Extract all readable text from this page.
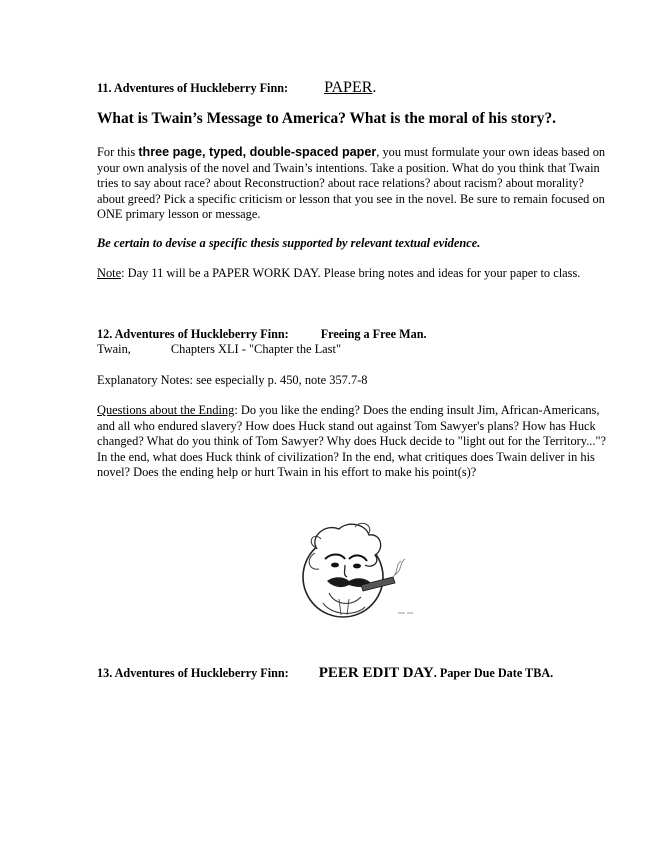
11. Adventures of Huckleberry Finn: PAPER.
What is Twain’s Message to America? What is the moral of his story?.

For this three page, typed, double-spaced paper, you must formulate your own ideas based on your own analysis of the novel and Twain’s intentions. Take a position. What do you think that Twain tries to say about race? about Reconstruction? about race relations? about racism? about morality? about greed? Pick a specific criticism or lesson that you see in the novel. Be sure to remain focused on ONE primary lesson or message.

Be certain to devise a specific thesis supported by relevant textual evidence.

Note: Day 11 will be a PAPER WORK DAY. Please bring notes and ideas for your paper to class.

12. Adventures of Huckleberry Finn:	Freeing a Free Man.
Twain,	Chapters XLI - "Chapter the Last"
Explanatory Notes: see especially p. 450, note 357.7-8

Questions about the Ending: Do you like the ending? Does the ending insult Jim, African-Americans, and all who endured slavery? How does Huck stand out against Tom Sawyer's plans? How has Huck changed? What do you think of Tom Sawyer? Why does Huck decide to "light out for the Territory..."? In the end, what does Huck think of civilization? In the end, what critiques does Twain deliver in his novel? Does the ending help or hurt Twain in his effort to make his point(s)?

13. Adventures of Huckleberry Finn: PEER EDIT DAY. Paper Due Date TBA.
